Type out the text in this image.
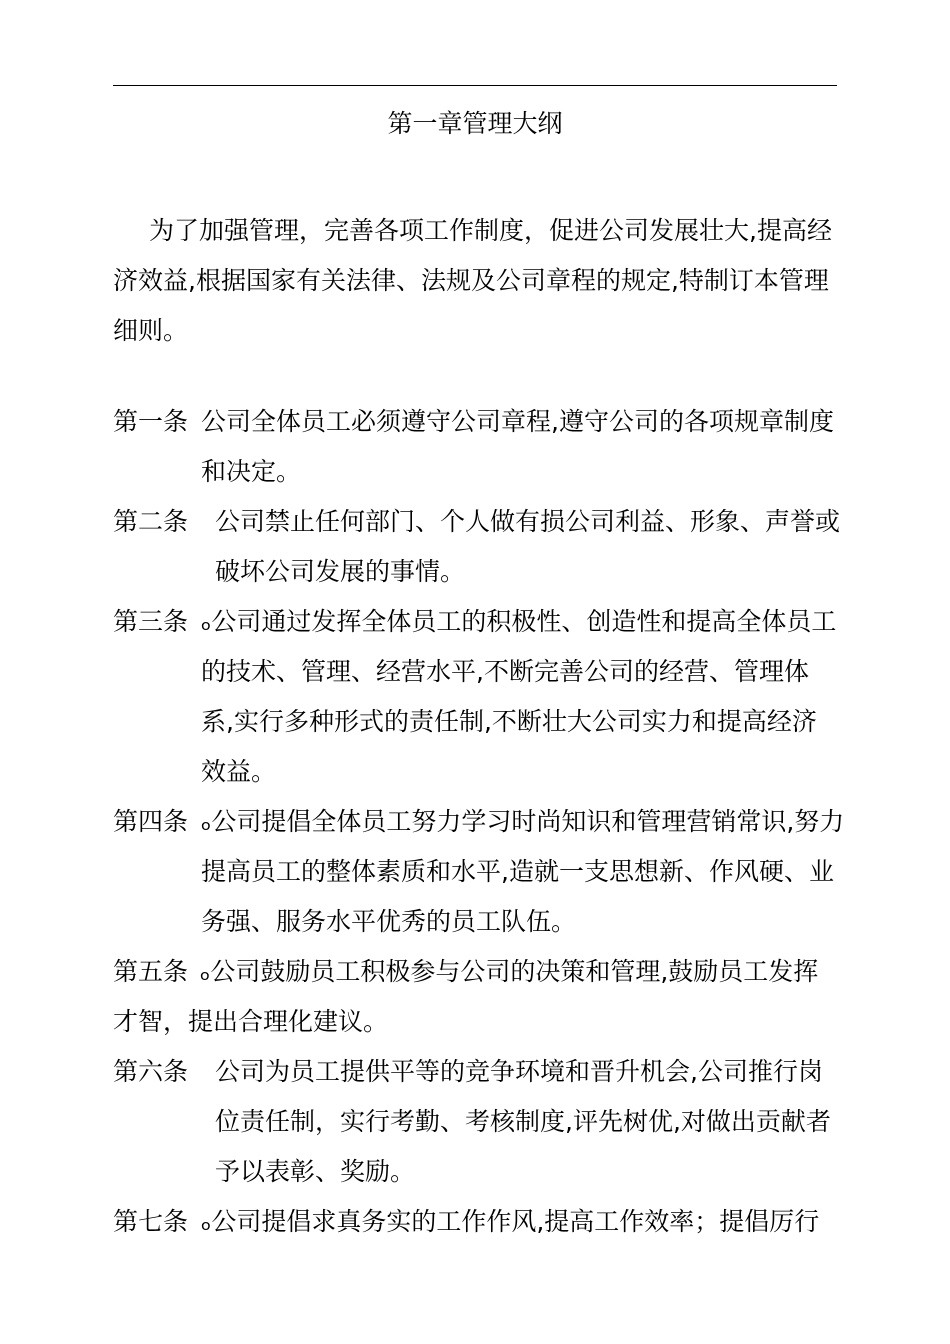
第一章管理大纲
为了加强管理，完善各项工作制度，促进公司发展壮大,提高经济效益,根据国家有关法律、法规及公司章程的规定,特制订本管理细则。
第一条 公司全体员工必须遵守公司章程,遵守公司的各项规章制度和决定。
第二条	公司禁止任何部门、个人做有损公司利益、形象、声誉或破坏公司发展的事情。
第三条 ₒ公司通过发挥全体员工的积极性、创造性和提高全体员工的技术、管理、经营水平,不断完善公司的经营、管理体系,实行多种形式的责任制,不断壮大公司实力和提高经济效益。
第四条 ₒ公司提倡全体员工努力学习时尚知识和管理营销常识,努力提高员工的整体素质和水平,造就一支思想新、作风硬、业务强、服务水平优秀的员工队伍。
第五条 ₒ公司鼓励员工积极参与公司的决策和管理,鼓励员工发挥才智，提出合理化建议。
第六条	公司为员工提供平等的竞争环境和晋升机会,公司推行岗位责任制，实行考勤、考核制度,评先树优,对做出贡献者予以表彰、奖励。
第七条 ₒ公司提倡求真务实的工作作风,提高工作效率；提倡厉行
